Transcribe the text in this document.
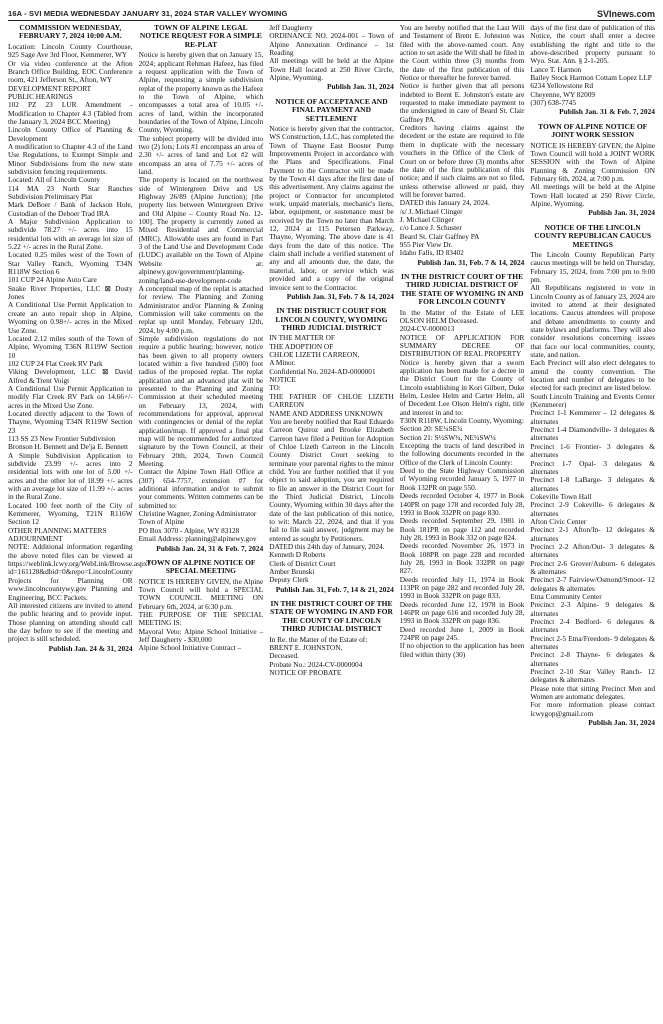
16A - SVI MEDIA WEDNESDAY JANUARY 31, 2024 STAR VALLEY WYOMING	SVInews.com
COMMISSION WEDNESDAY, FEBRUARY 7, 2024 10:00 A.M.

Location: Lincoln County Courthouse, 925 Sage Ave 3rd Floor, Kemmerer, WY

Or via video conference at the Afton Branch Office Building, EOC Conference room, 421 Jefferson St., Afton, WY

DEVELOPMENT REPORT

PUBLIC HEARINGS

102 PZ 23 LUR Amendment - Modification to Chapter 4.3 (Tabled from the January 3, 2024 BCC Meeting)

Lincoln County Office of Planning & Development

A modification to Chapter 4.3 of the Land Use Regulations, to Exempt Simple and Minor Subdivisions from the new state subdivision fencing requirements.

Located: All of Lincoln County

114 MA 23 North Star Ranches Subdivision Preliminary Plat

Mark DeBoer / Bank of Jackson Hole, Custodian of the Deboer Trad IRA

A Major Subdivision Application to subdivide 78.27 +/- acres into 15 residential lots with an average lot size of 5.22 +/- acres in the Rural Zone.

Located 0.25 miles west of the Town of Star Valley Ranch, Wyoming T34N R118W Section 6

101 CUP 24 Alpine Auto Care

Snake River Properties, LLC ⊠ Dusty Jones

A Conditional Use Permit Application to create an auto repair shop in Alpine, Wyoming on 0.98+/- acres in the Mixed Use Zone.

Located 2.12 miles south of the Town of Alpine, Wyoming T36N R119W Section 10

102 CUP 24 Flat Creek RV Park

Viking Development, LLC ⊠ David Alfred & Trent Voigt

A Conditional Use Permit Application to modify Flat Creek RV Park on 14.66+/-acres in the Mixed Use Zone.

Located directly adjacent to the Town of Thayne, Wyoming T34N R119W Section 23

113 SS 23 New Frontier Subdivision

Bronson H. Bennett and De'ja E. Bennett

A Simple Subdivision Application to subdivide 23.99 +/- acres into 2 residential lots with one lot of 5.00 +/- acres and the other lot of 18.99 +/- acres with an average lot size of 11.99 +/- acres in the Rural Zone.

Located 100 feet north of the City of Kemmerer, Wyoming, T21N R116W Section 12

OTHER PLANNING MATTERS

ADJOURNMENT

NOTE: Additional information regarding the above noted files can be viewed at https://weblink.lcwy.org/WebLink/Browse.aspx?id=161128&dbid=0&repo=LincolnCounty

Projects for Planning OR www.lincolncountywy.gov Planning and Engineering, BCC Packets.

All interested citizens are invited to attend the public hearing and to provide input. Those planning on attending should call the day before to see if the meeting and project is still scheduled.

Publish Jan. 24 & 31, 2024
TOWN OF ALPINE LEGAL NOTICE REQUEST FOR A SIMPLE RE-PLAT

Notice is hereby given that on January 15, 2024; applicant Rehman Hafeez, has filed a request application with the Town of Alpine, requesting a simple subdivision replat of the property known as the Hafeez to the Town of Alpine, which encompasses a total area of 10.05 +/- acres of land, within the incorporated boundaries of the Town of Alpine, Lincoln County, Wyoming.

The subject property will be divided into two (2) lots; Lots #1 encompass an area of 2.30 +/- acres of land and Lot #2 will encompass an area of 7.75 +/- acres of land.

The property is located on the northwest side of Wintergreen Drive and US Highway 26/89 (Alpine Junction); [the property lies between Wintergreen Drive and Old Alpine – County Road No. 12-100]. The property is currently zoned as Mixed Residential and Commercial (MRC). Allowable uses are found in Part 3 of the Land Use and Development Code (LUDC) available on the Town of Alpine Website at: alpinewy.gov/government/planning-zoning/land-use-development-code

A conceptual map of the replat is attached for review. The Planning and Zoning Administrator and/or Planning & Zoning Commission will take comments on the replat up until Monday, February 12th, 2024, by 4:00 p.m.

Simple subdivision regulations do not require a public hearing; however, notice has been given to all property owners located within a five hundred (500) foot radius of the proposed replat. The replat application and an advanced plat will be presented to the Planning and Zoning Commission at their scheduled meeting on February 13, 2024, with recommendations for approval, approval with contingencies or denial of the replat application/map. If approved a final plat map will be recommended for authorized signature by the Town Council, at their February 20th, 2024, Town Council Meeting.

Contact the Alpine Town Hall Office at (307) 654-7757, extension #7 for additional information and/or to submit your comments. Written comments can be submitted to:

Christine Wagner, Zoning Administrator

Town of Alpine

PO Box 3070 - Alpine, WY 83128

Email Address: planning@alpinewy.gov

Publish Jan. 24, 31 & Feb. 7, 2024
TOWN OF ALPINE NOTICE OF SPECIAL MEETING

NOTICE IS HEREBY GIVEN, the Alpine Town Council will hold a SPECIAL TOWN COUNCIL MEETING ON February 6th, 2024, at 6:30 p.m.

THE PURPOSE OF THE SPECIAL MEETING IS:

Mayoral Veto: Alpine School Initiative – Jeff Daugherty - $30,000

Alpine School Initiative Contract –

Jeff Daugherty

ORDINANCE NO. 2024-001 – Town of Alpine Annexation Ordinance – 1st Reading

All meetings will be held at the Alpine Town Hall located at 250 River Circle, Alpine, Wyoming.

Publish Jan. 31, 2024
NOTICE OF ACCEPTANCE AND FINAL PAYMENT AND SETTLEMENT

Notice is hereby given that the contractor, WS Construction, LLC, has completed the Town of Thayne East Booster Pump Improvements Project in accordance with the Plans and Specifications. Final Payment to the Contractor will be made by the Town 41 days after the first date of this advertisement. Any claims against the project or Contractor for uncompleted work, unpaid materials, mechanic's liens, labor, equipment, or sustenance must be received by the Town no later than March 12, 2024 at 115 Petersen Parkway, Thayne, Wyoming. The above date is 41 days from the date of this notice. The claim shall include a verified statement of any and all amounts due, the date, the material, labor, or service which was provided and a copy of the original invoice sent to the Contractor.

Publish Jan. 31, Feb. 7 & 14, 2024
IN THE DISTRICT COURT FOR LINCOLN COUNTY, WYOMING THIRD JUDICIAL DISTRICT

IN THE MATTER OF

THE ADOPTION OF

CHLOE LIZETH CARREON,

A Minor.

Confidential No. 2024-AD-0000001

NOTICE

TO:

THE FATHER OF CHLOE LIZETH CARREON

NAME AND ADDRESS UNKNOWN

You are hereby notified that Raul Eduardo Carreon Quiroz and Brooke Elizabeth Carreon have filed a Petition for Adoption of Chloe Lizeth Carreon in the Lincoln County District Court seeking to terminate your parental rights to the minor child. You are further notified that if you object to said adoption, you are required to file an answer in the District Court for the Third Judicial District, Lincoln County, Wyoming within 30 days after the date of the last publication of this notice, to wit: March 22, 2024, and that if you fail to file said answer, judgment may be entered as sought by Petitioners.

DATED this 24th day of January, 2024.

Kenneth D Roberts

Clerk of District Court

Amber Brunski

Deputy Clerk

Publish Jan. 31, Feb. 7, 14 & 21, 2024
IN THE DISTRICT COURT OF THE STATE OF WYOMING IN AND FOR THE COUNTY OF LINCOLN THIRD JUDICIAL DISTRICT

In Re. the Matter of the Estate of:

BRENT E. JOHNSTON,

Deceased.

Probate No.: 2024-CV-0000004

NOTICE OF PROBATE

You are hereby notified that the Last Will and Testament of Brent E. Johnston was filed with the above-named court. Any action to set aside the Will shall be filed in the Court within three (3) months from the date of the first publication of this Notice or thereafter be forever barred.

Notice is further given that all persons indebted to Brent E. Johnston's estate are requested to make immediate payment to the undersigned in care of Beard St. Clair Gaffney PA.

Creditors having claims against the decedent or the estate are required to file them in duplicate with the necessary vouchers in the Office of the Clerk of Court on or before three (3) months after the date of the first publication of this notice; and if such claims are not so filed, unless otherwise allowed or paid, they will be forever barred.

DATED this January 24, 2024.

/s/ J. Michael Clinger

J. Michael Clinger

c/o Lance J. Schuster

Beard St. Clair Gaffney PA

955 Pier View Dr.

Idaho Falls, ID 83402

Publish Jan. 31, Feb. 7 & 14, 2024
IN THE DISTRICT COURT OF THE THIRD JUDICIAL DISTRICT OF THE STATE OF WYOMING IN AND FOR LINCOLN COUNTY

In the Matter of the Estate of LEE OLSON HELM Deceased.

2024-CV-0000013

NOTICE OF APPLICATION FOR SUMMARY DECREE OF DISTRIBUTION OF REAL PROPERTY

Notice is hereby given that a sworn application has been made for a decree in the District Court for the County of Lincoln establishing in Kori Gilbert, Duke Helm, Leslee Helm and Carter Helm, all of Decedent Lee Olson Helm's right, title and interest in and to:

T30N R118W, Lincoln County, Wyoming:

Section 20: SE¼SE¼

Section 21: S½SW¼, NE¼SW¼

Excepting the tracts of land described in the following documents recorded in the Office of the Clerk of Lincoln County:

Deed to the State Highway Commission of Wyoming recorded January 5, 1977 in Book 132PR on page 550.

Deeds recorded October 4, 1977 in Book 140PR on page 178 and recorded July 28, 1993 in Book 332PR on page 830.

Deeds recorded September 29, 1981 in Book 181PR on page 112 and recorded July 28, 1993 in Book 332 on page 824.

Deeds recorded November 26, 1973 in Book 108PR on page 228 and recorded July 28, 1993 in Book 332PR on page 827.

Deeds recorded July 11, 1974 in Book 113PR on page 282 and recorded July 28, 1993 in Book 332PR on page 833.

Deeds recorded June 12, 1978 in Book 146PR on page 616 and recorded July 28, 1993 in Book 332PR on page 836.

Deed recorded June 1, 2009 in Book 724PR on page 245.

If no objection to the application has been filed within thirty (30)

days of the first date of publication of this Notice, the court shall enter a decree establishing the right and title to the above-described property pursuant to Wyo. Stat. Ann. § 2-1-205.

Lance T. Harmon

Bailey Stock Harmon Cottam Lopez LLP

6234 Yellowstone Rd

Cheyenne, WY 82009

(307) 638-7745

Publish Jan. 31 & Feb. 7, 2024
TOWN OF ALPINE NOTICE OF JOINT WORK SESSION

NOTICE IS HEREBY GIVEN, the Alpine Town Council will hold a JOINT WORK SESSION with the Town of Alpine Planning & Zoning Commission ON February 6th, 2024, at 7:00 p.m.

All meetings will be held at the Alpine Town Hall located at 250 River Circle, Alpine, Wyoming.

Publish Jan. 31, 2024
NOTICE OF THE LINCOLN COUNTY REPUBLICAN CAUCUS MEETINGS

The Lincoln County Republican Party caucus meetings will be held on Thursday, February 15, 2024, from 7:00 pm to 9:00 pm.

All Republicans registered to vote in Lincoln County as of January 23, 2024 are invited to attend at their designated locations. Caucus attendees will propose and debate amendments to county and state bylaws and platforms. They will also consider resolutions concerning issues that face our local communities, county, state, and nation.

Each Precinct will also elect delegates to attend the county convention. The location and number of delegates to be elected for each precinct are listed below.

South Lincoln Training and Events Center (Kemmerer)

Precinct 1-1 Kemmerer – 12 delegates & alternates

Precinct 1-4 Diamondville- 3 delegates & alternates

Precinct 1-6 Frontier- 3 delegates & alternates

Precinct 1-7 Opal- 3 delegates & alternates

Precinct 1-8 LaBarge- 3 delegates & alternates

Cokeville Town Hall

Precinct 2-9 Cokeville- 6 delegates & alternates

Afton Civic Center

Precinct 2-1 Afton/In- 12 delegates & alternates

Precinct 2-2 Afton/Out- 3 delegates & alternates

Precinct 2-6 Grover/Auburn- 6 delegates & alternates

Precinct 2-7 Fairview/Osmond/Smoot- 12 delegates & alternates

Etna Community Center

Precinct 2-3 Alpine- 9 delegates & alternates

Precinct 2-4 Bedford- 6 delegates & alternates

Precinct 2-5 Etna/Freedom- 9 delegates & alternates

Precinct 2-8 Thayne- 6 delegates & alternates

Precinct 2-10 Star Valley Ranch- 12 delegates & alternates

Please note that sitting Precinct Men and Women are automatic delegates.

For more information please contact lcwygop@gmail.com

Publish Jan. 31, 2024
